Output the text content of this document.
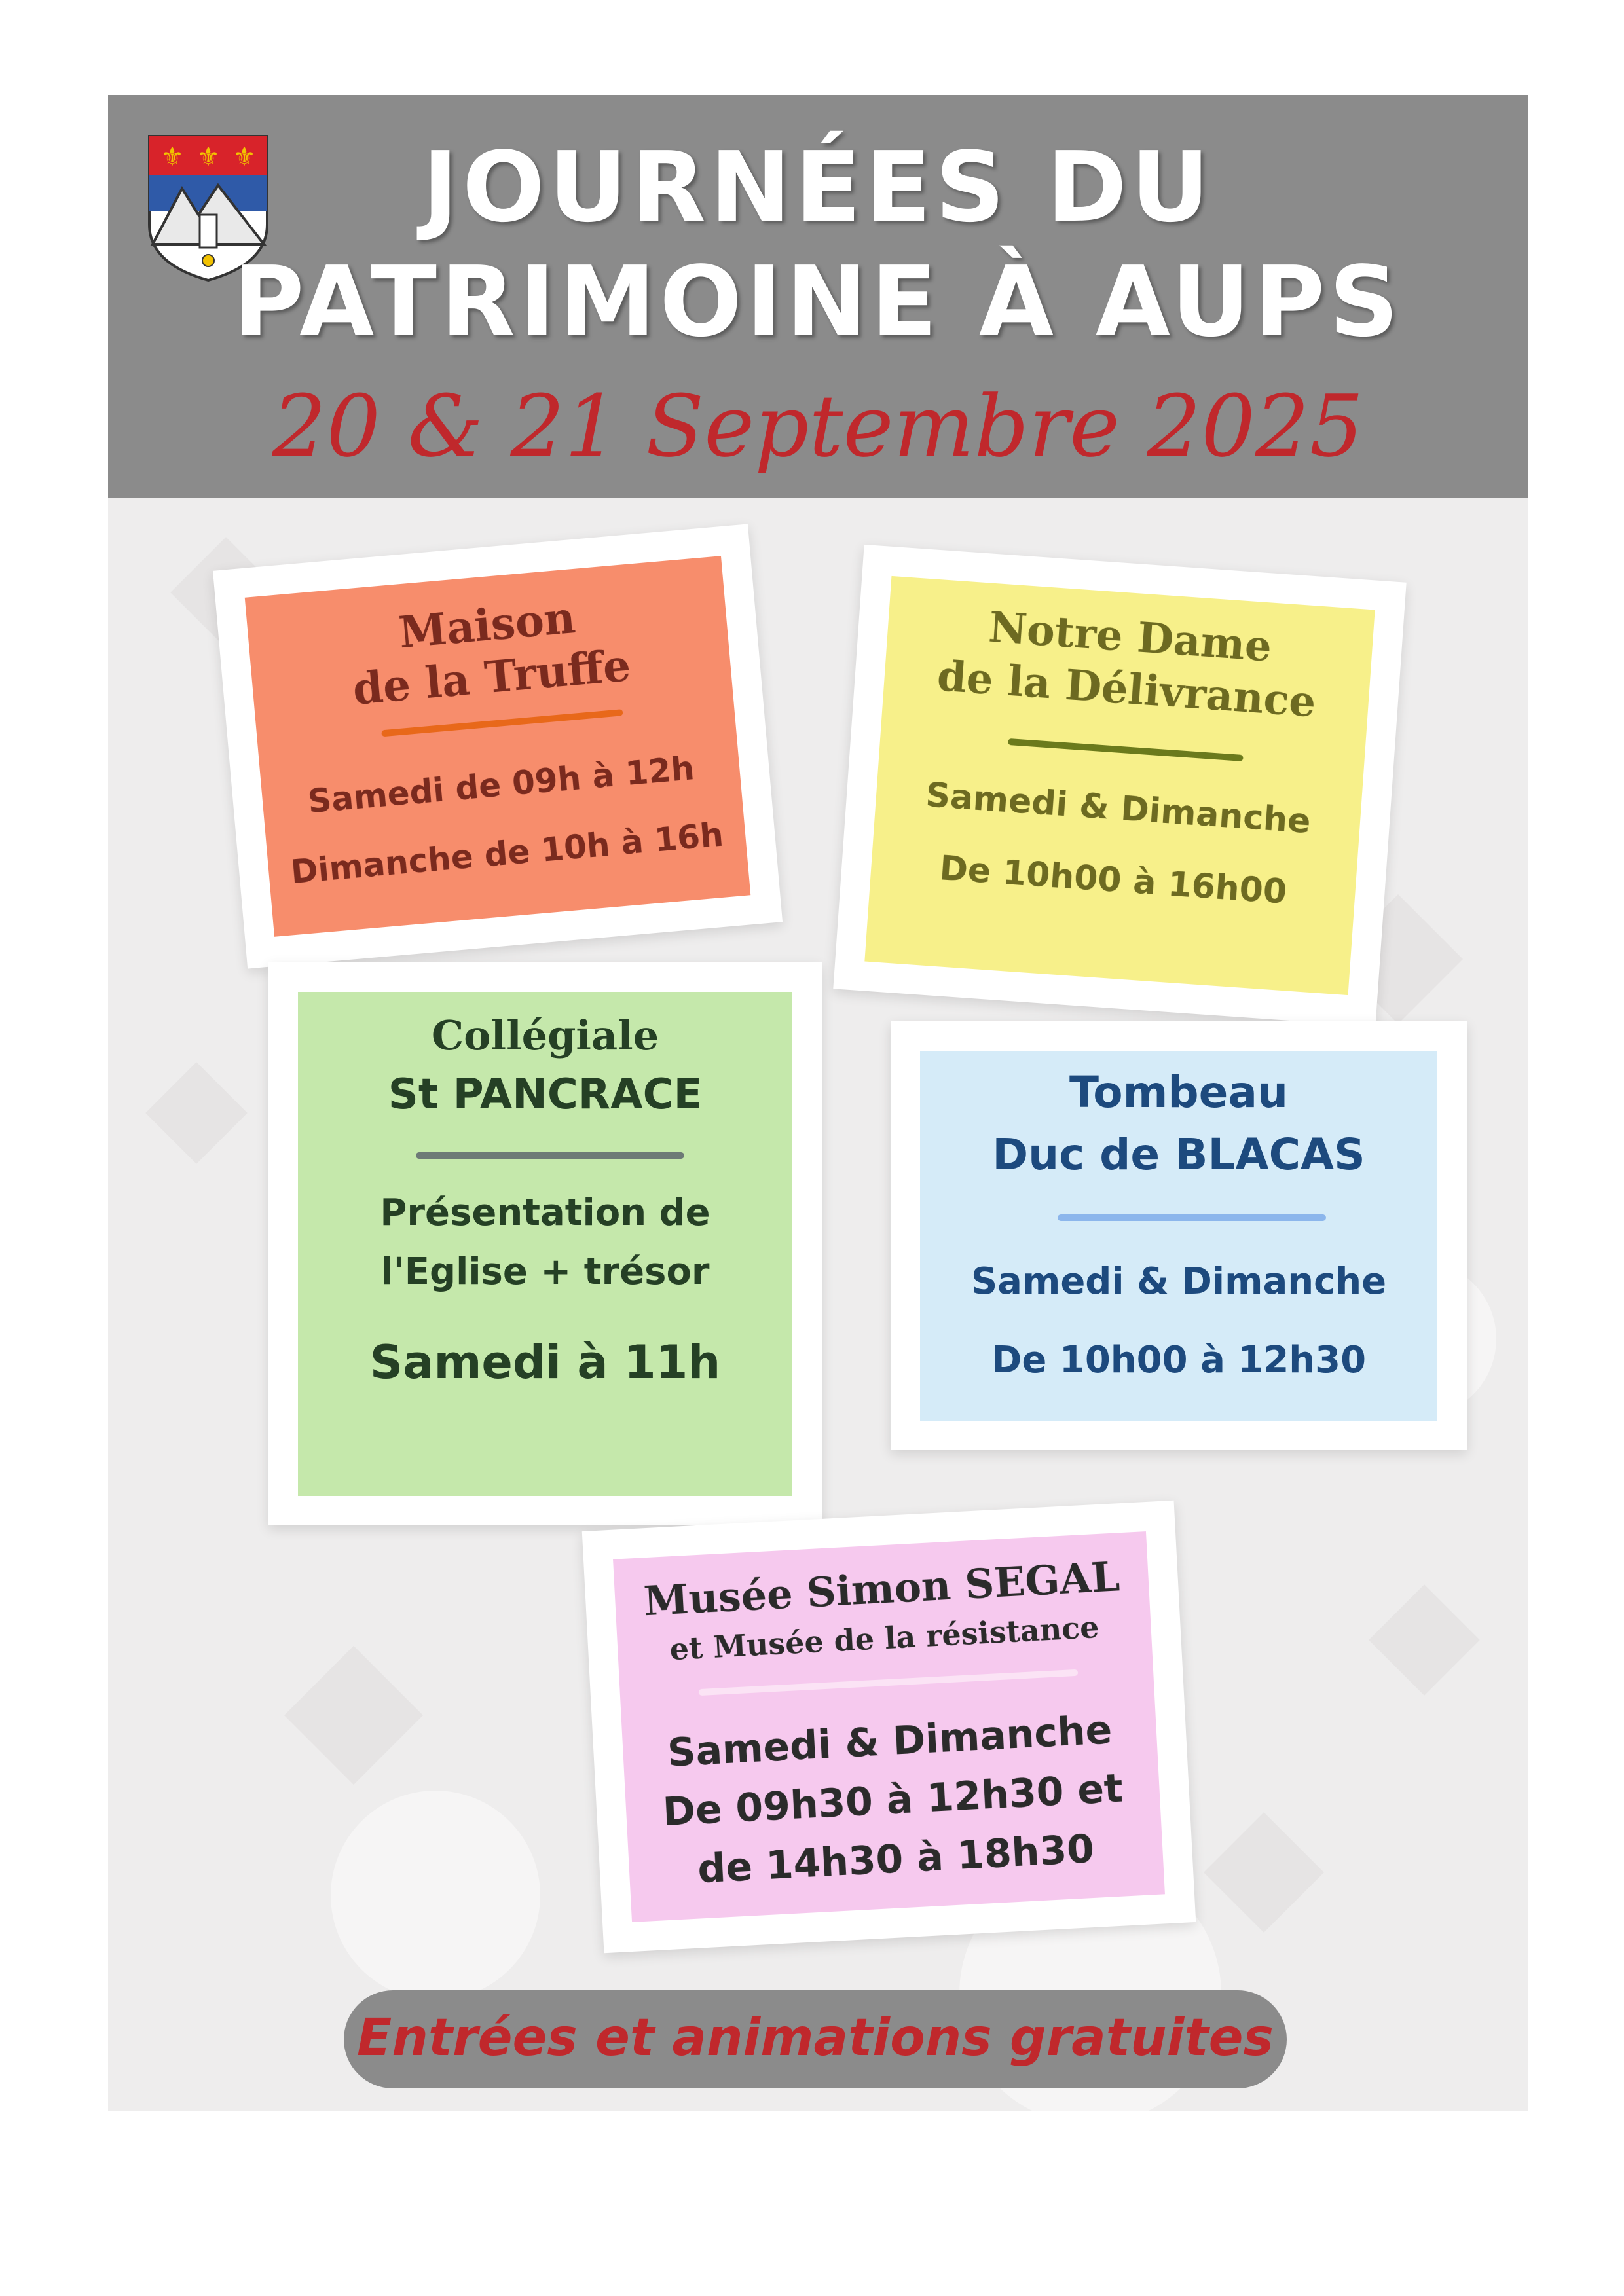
⚜ ⚜ ⚜	JOURNÉES DU
PATRIMOINE À AUPS
20 & 21 Septembre 2025
Maison
de la Truffe
Samedi de 09h à 12h
Dimanche de 10h à 16h
Notre Dame
de la Délivrance
Samedi & Dimanche
De 10h00 à 16h00
Collégiale
St PANCRACE
Présentation de
l'Eglise + trésor
Samedi à 11h
Tombeau
Duc de BLACAS
Samedi & Dimanche
De 10h00 à 12h30
Musée Simon SEGAL
et Musée de la résistance
Samedi & Dimanche
De 09h30 à 12h30 et
de 14h30 à 18h30
Entrées et animations gratuites
